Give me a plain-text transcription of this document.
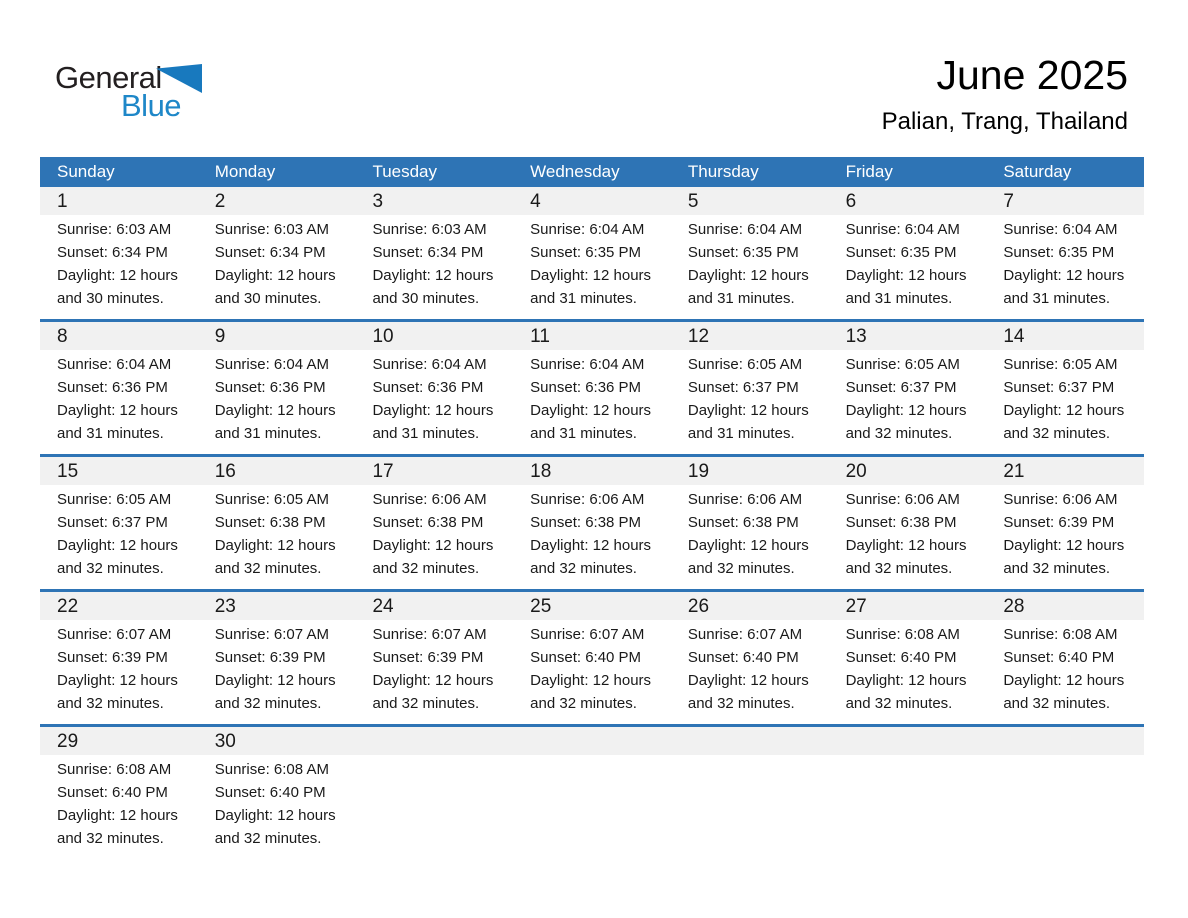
General
Blue
June 2025
Palian, Trang, Thailand
Sunday	Monday	Tuesday	Wednesday	Thursday	Friday	Saturday
1	2	3	4	5	6	7
Sunrise: 6:03 AM
Sunset: 6:34 PM
Daylight: 12 hours and 30 minutes.
Sunrise: 6:03 AM
Sunset: 6:34 PM
Daylight: 12 hours and 30 minutes.
Sunrise: 6:03 AM
Sunset: 6:34 PM
Daylight: 12 hours and 30 minutes.
Sunrise: 6:04 AM
Sunset: 6:35 PM
Daylight: 12 hours and 31 minutes.
Sunrise: 6:04 AM
Sunset: 6:35 PM
Daylight: 12 hours and 31 minutes.
Sunrise: 6:04 AM
Sunset: 6:35 PM
Daylight: 12 hours and 31 minutes.
Sunrise: 6:04 AM
Sunset: 6:35 PM
Daylight: 12 hours and 31 minutes.
8	9	10	11	12	13	14
Sunrise: 6:04 AM
Sunset: 6:36 PM
Daylight: 12 hours and 31 minutes.
Sunrise: 6:04 AM
Sunset: 6:36 PM
Daylight: 12 hours and 31 minutes.
Sunrise: 6:04 AM
Sunset: 6:36 PM
Daylight: 12 hours and 31 minutes.
Sunrise: 6:04 AM
Sunset: 6:36 PM
Daylight: 12 hours and 31 minutes.
Sunrise: 6:05 AM
Sunset: 6:37 PM
Daylight: 12 hours and 31 minutes.
Sunrise: 6:05 AM
Sunset: 6:37 PM
Daylight: 12 hours and 32 minutes.
Sunrise: 6:05 AM
Sunset: 6:37 PM
Daylight: 12 hours and 32 minutes.
15	16	17	18	19	20	21
Sunrise: 6:05 AM
Sunset: 6:37 PM
Daylight: 12 hours and 32 minutes.
Sunrise: 6:05 AM
Sunset: 6:38 PM
Daylight: 12 hours and 32 minutes.
Sunrise: 6:06 AM
Sunset: 6:38 PM
Daylight: 12 hours and 32 minutes.
Sunrise: 6:06 AM
Sunset: 6:38 PM
Daylight: 12 hours and 32 minutes.
Sunrise: 6:06 AM
Sunset: 6:38 PM
Daylight: 12 hours and 32 minutes.
Sunrise: 6:06 AM
Sunset: 6:38 PM
Daylight: 12 hours and 32 minutes.
Sunrise: 6:06 AM
Sunset: 6:39 PM
Daylight: 12 hours and 32 minutes.
22	23	24	25	26	27	28
Sunrise: 6:07 AM
Sunset: 6:39 PM
Daylight: 12 hours and 32 minutes.
Sunrise: 6:07 AM
Sunset: 6:39 PM
Daylight: 12 hours and 32 minutes.
Sunrise: 6:07 AM
Sunset: 6:39 PM
Daylight: 12 hours and 32 minutes.
Sunrise: 6:07 AM
Sunset: 6:40 PM
Daylight: 12 hours and 32 minutes.
Sunrise: 6:07 AM
Sunset: 6:40 PM
Daylight: 12 hours and 32 minutes.
Sunrise: 6:08 AM
Sunset: 6:40 PM
Daylight: 12 hours and 32 minutes.
Sunrise: 6:08 AM
Sunset: 6:40 PM
Daylight: 12 hours and 32 minutes.
29	30
Sunrise: 6:08 AM
Sunset: 6:40 PM
Daylight: 12 hours and 32 minutes.
Sunrise: 6:08 AM
Sunset: 6:40 PM
Daylight: 12 hours and 32 minutes.
